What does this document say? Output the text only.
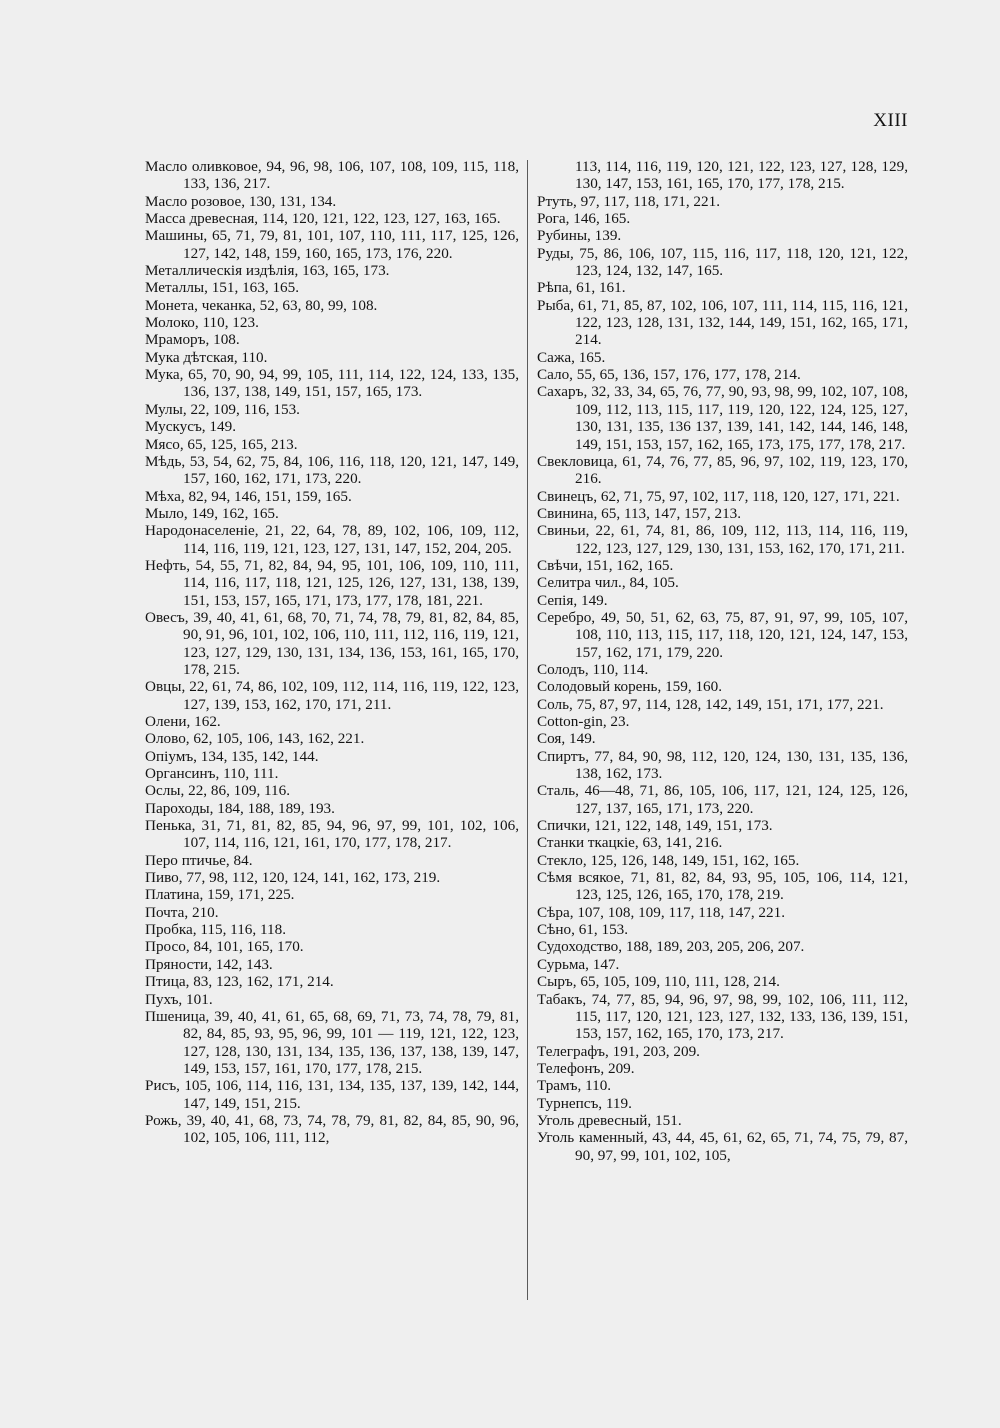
XIII

Масло оливковое, 94, 96, 98, 106, 107, 108, 109, 115, 118, 133, 136, 217.

Масло розовое, 130, 131, 134.

Масса древесная, 114, 120, 121, 122, 123, 127, 163, 165.

Машины, 65, 71, 79, 81, 101, 107, 110, 111, 117, 125, 126, 127, 142, 148, 159, 160, 165, 173, 176, 220.

Металлическія издѣлія, 163, 165, 173.

Металлы, 151, 163, 165.

Монета, чеканка, 52, 63, 80, 99, 108.

Молоко, 110, 123.

Мраморъ, 108.

Мука дѣтская, 110.

Мука, 65, 70, 90, 94, 99, 105, 111, 114, 122, 124, 133, 135, 136, 137, 138, 149, 151, 157, 165, 173.

Мулы, 22, 109, 116, 153.

Мускусъ, 149.

Мясо, 65, 125, 165, 213.

Мѣдь, 53, 54, 62, 75, 84, 106, 116, 118, 120, 121, 147, 149, 157, 160, 162, 171, 173, 220.

Мѣха, 82, 94, 146, 151, 159, 165.

Мыло, 149, 162, 165.

Народонаселеніе, 21, 22, 64, 78, 89, 102, 106, 109, 112, 114, 116, 119, 121, 123, 127, 131, 147, 152, 204, 205.

Нефть, 54, 55, 71, 82, 84, 94, 95, 101, 106, 109, 110, 111, 114, 116, 117, 118, 121, 125, 126, 127, 131, 138, 139, 151, 153, 157, 165, 171, 173, 177, 178, 181, 221.

Овесъ, 39, 40, 41, 61, 68, 70, 71, 74, 78, 79, 81, 82, 84, 85, 90, 91, 96, 101, 102, 106, 110, 111, 112, 116, 119, 121, 123, 127, 129, 130, 131, 134, 136, 153, 161, 165, 170, 178, 215.

Овцы, 22, 61, 74, 86, 102, 109, 112, 114, 116, 119, 122, 123, 127, 139, 153, 162, 170, 171, 211.

Олени, 162.

Олово, 62, 105, 106, 143, 162, 221.

Опіумъ, 134, 135, 142, 144.

Органсинъ, 110, 111.

Ослы, 22, 86, 109, 116.

Пароходы, 184, 188, 189, 193.

Пенька, 31, 71, 81, 82, 85, 94, 96, 97, 99, 101, 102, 106, 107, 114, 116, 121, 161, 170, 177, 178, 217.

Перо птичье, 84.

Пиво, 77, 98, 112, 120, 124, 141, 162, 173, 219.

Платина, 159, 171, 225.

Почта, 210.

Пробка, 115, 116, 118.

Просо, 84, 101, 165, 170.

Пряности, 142, 143.

Птица, 83, 123, 162, 171, 214.

Пухъ, 101.

Пшеница, 39, 40, 41, 61, 65, 68, 69, 71, 73, 74, 78, 79, 81, 82, 84, 85, 93, 95, 96, 99, 101 — 119, 121, 122, 123, 127, 128, 130, 131, 134, 135, 136, 137, 138, 139, 147, 149, 153, 157, 161, 170, 177, 178, 215.

Рисъ, 105, 106, 114, 116, 131, 134, 135, 137, 139, 142, 144, 147, 149, 151, 215.

Рожь, 39, 40, 41, 68, 73, 74, 78, 79, 81, 82, 84, 85, 90, 96, 102, 105, 106, 111, 112,

113, 114, 116, 119, 120, 121, 122, 123, 127, 128, 129, 130, 147, 153, 161, 165, 170, 177, 178, 215.

Ртуть, 97, 117, 118, 171, 221.

Рога, 146, 165.

Рубины, 139.

Руды, 75, 86, 106, 107, 115, 116, 117, 118, 120, 121, 122, 123, 124, 132, 147, 165.

Рѣпа, 61, 161.

Рыба, 61, 71, 85, 87, 102, 106, 107, 111, 114, 115, 116, 121, 122, 123, 128, 131, 132, 144, 149, 151, 162, 165, 171, 214.

Сажа, 165.

Сало, 55, 65, 136, 157, 176, 177, 178, 214.

Сахаръ, 32, 33, 34, 65, 76, 77, 90, 93, 98, 99, 102, 107, 108, 109, 112, 113, 115, 117, 119, 120, 122, 124, 125, 127, 130, 131, 135, 136 137, 139, 141, 142, 144, 146, 148, 149, 151, 153, 157, 162, 165, 173, 175, 177, 178, 217.

Свекловица, 61, 74, 76, 77, 85, 96, 97, 102, 119, 123, 170, 216.

Свинецъ, 62, 71, 75, 97, 102, 117, 118, 120, 127, 171, 221.

Свинина, 65, 113, 147, 157, 213.

Свиньи, 22, 61, 74, 81, 86, 109, 112, 113, 114, 116, 119, 122, 123, 127, 129, 130, 131, 153, 162, 170, 171, 211.

Свѣчи, 151, 162, 165.

Селитра чил., 84, 105.

Сепія, 149.

Серебро, 49, 50, 51, 62, 63, 75, 87, 91, 97, 99, 105, 107, 108, 110, 113, 115, 117, 118, 120, 121, 124, 147, 153, 157, 162, 171, 179, 220.

Солодъ, 110, 114.

Солодовый корень, 159, 160.

Соль, 75, 87, 97, 114, 128, 142, 149, 151, 171, 177, 221.

Cotton-gin, 23.

Соя, 149.

Спиртъ, 77, 84, 90, 98, 112, 120, 124, 130, 131, 135, 136, 138, 162, 173.

Сталь, 46—48, 71, 86, 105, 106, 117, 121, 124, 125, 126, 127, 137, 165, 171, 173, 220.

Спички, 121, 122, 148, 149, 151, 173.

Станки ткацкіе, 63, 141, 216.

Стекло, 125, 126, 148, 149, 151, 162, 165.

Сѣмя всякое, 71, 81, 82, 84, 93, 95, 105, 106, 114, 121, 123, 125, 126, 165, 170, 178, 219.

Сѣра, 107, 108, 109, 117, 118, 147, 221.

Сѣно, 61, 153.

Судоходство, 188, 189, 203, 205, 206, 207.

Сурьма, 147.

Сыръ, 65, 105, 109, 110, 111, 128, 214.

Табакъ, 74, 77, 85, 94, 96, 97, 98, 99, 102, 106, 111, 112, 115, 117, 120, 121, 123, 127, 132, 133, 136, 139, 151, 153, 157, 162, 165, 170, 173, 217.

Телеграфъ, 191, 203, 209.

Телефонъ, 209.

Трамъ, 110.

Турнепсъ, 119.

Уголь древесный, 151.

Уголь каменный, 43, 44, 45, 61, 62, 65, 71, 74, 75, 79, 87, 90, 97, 99, 101, 102, 105,
